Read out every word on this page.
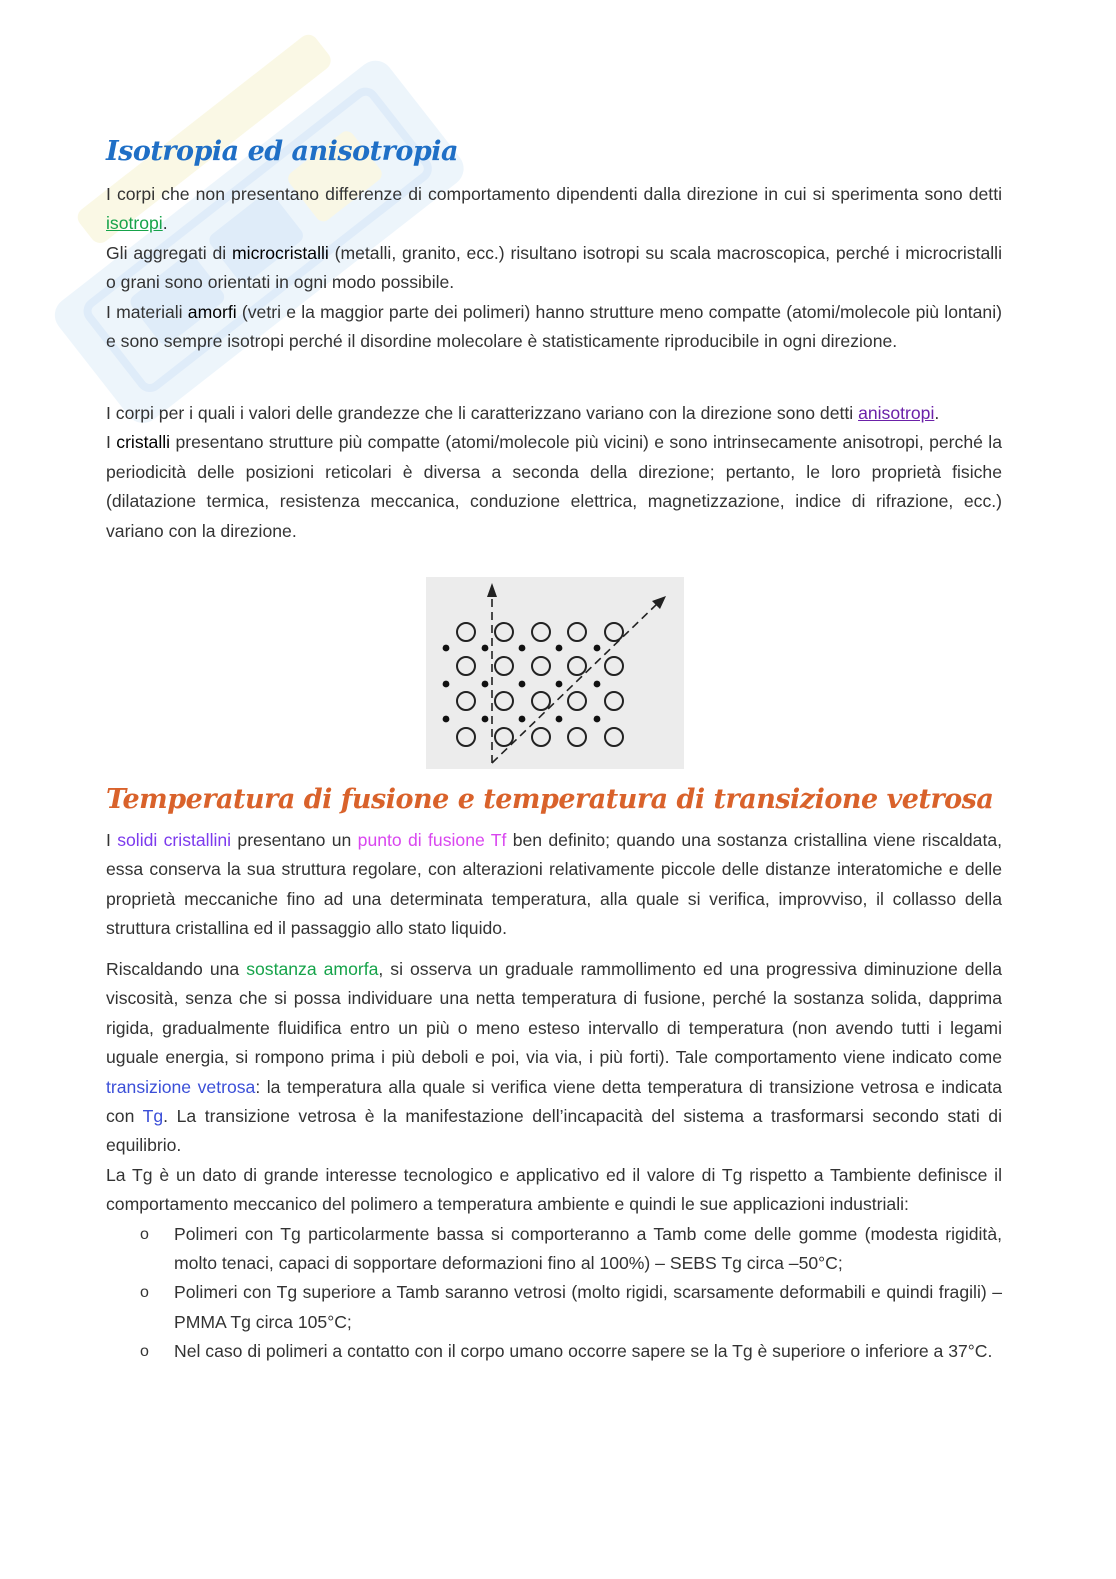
Isotropia ed anisotropia

I corpi che non presentano differenze di comportamento dipendenti dalla direzione in cui si sperimenta sono detti isotropi.

Gli aggregati di microcristalli (metalli, granito, ecc.) risultano isotropi su scala macroscopica, perché i microcristalli o grani sono orientati in ogni modo possibile.

I materiali amorfi (vetri e la maggior parte dei polimeri) hanno strutture meno compatte (atomi/molecole più lontani) e sono sempre isotropi perché il disordine molecolare è statisticamente riproducibile in ogni direzione.

I corpi per i quali i valori delle grandezze che li caratterizzano variano con la direzione sono detti anisotropi.

I cristalli presentano strutture più compatte (atomi/molecole più vicini) e sono intrinsecamente anisotropi, perché la periodicità delle posizioni reticolari è diversa a seconda della direzione; pertanto, le loro proprietà fisiche (dilatazione termica, resistenza meccanica, conduzione elettrica, magnetizzazione, indice di rifrazione, ecc.) variano con la direzione.

Temperatura di fusione e temperatura di transizione vetrosa

I solidi cristallini presentano un punto di fusione Tf ben definito; quando una sostanza cristallina viene riscaldata, essa conserva la sua struttura regolare, con alterazioni relativamente piccole delle distanze interatomiche e delle proprietà meccaniche fino ad una determinata temperatura, alla quale si verifica, improvviso, il collasso della struttura cristallina ed il passaggio allo stato liquido.

Riscaldando una sostanza amorfa, si osserva un graduale rammollimento ed una progressiva diminuzione della viscosità, senza che si possa individuare una netta temperatura di fusione, perché la sostanza solida, dapprima rigida, gradualmente fluidifica entro un più o meno esteso intervallo di temperatura (non avendo tutti i legami uguale energia, si rompono prima i più deboli e poi, via via, i più forti). Tale comportamento viene indicato come transizione vetrosa: la temperatura alla quale si verifica viene detta temperatura di transizione vetrosa e indicata con Tg. La transizione vetrosa è la manifestazione dell’incapacità del sistema a trasformarsi secondo stati di equilibrio.

La Tg è un dato di grande interesse tecnologico e applicativo ed il valore di Tg rispetto a Tambiente definisce il comportamento meccanico del polimero a temperatura ambiente e quindi le sue applicazioni industriali:

o Polimeri con Tg particolarmente bassa si comporteranno a Tamb come delle gomme (modesta rigidità, molto tenaci, capaci di sopportare deformazioni fino al 100%) – SEBS Tg circa –50°C;
o Polimeri con Tg superiore a Tamb saranno vetrosi (molto rigidi, scarsamente deformabili e quindi fragili) – PMMA Tg circa 105°C;
o Nel caso di polimeri a contatto con il corpo umano occorre sapere se la Tg è superiore o inferiore a 37°C.
